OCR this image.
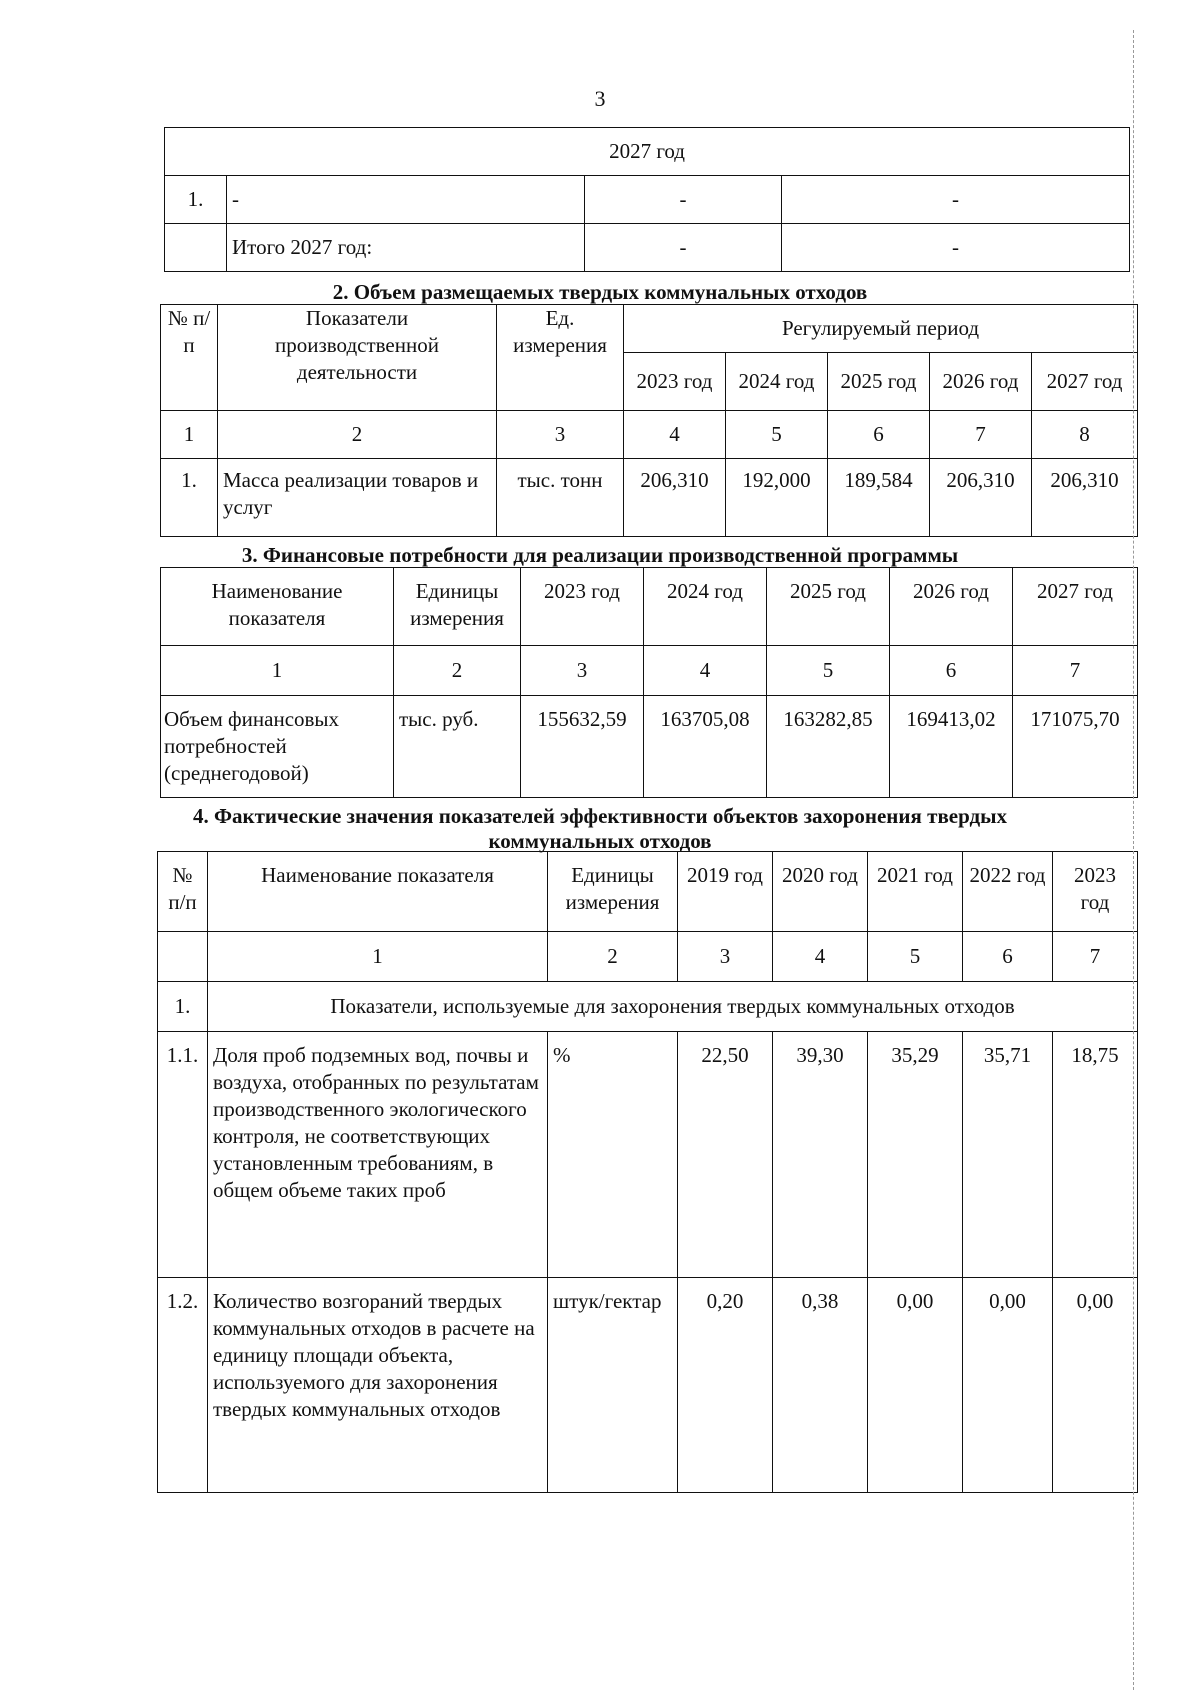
3
2027 год			
1.	-	-	-
	Итого 2027 год:	-	-
2. Объем размещаемых твердых коммунальных отходов
№ п/п	Показатели производственной деятельности	Ед. измерения	Регулируемый период				
			2023 год	2024 год	2025 год	2026 год	2027 год
1	2	3	4	5	6	7	8
1.	Масса реализации товаров и услуг	тыс. тонн	206,310	192,000	189,584	206,310	206,310
3. Финансовые потребности для реализации производственной программы
Наименование показателя	Единицы измерения	2023 год	2024 год	2025 год	2026 год	2027 год
1	2	3	4	5	6	7
Объем финансовых потребностей (среднегодовой)	тыс. руб.	155632,59	163705,08	163282,85	169413,02	171075,70
4. Фактические значения показателей эффективности объектов захоронения твердых
коммунальных отходов
№ п/п	Наименование показателя	Единицы измерения	2019 год	2020 год	2021 год	2022 год	2023 год
	1	2	3	4	5	6	7
1.	Показатели, используемые для захоронения твердых коммунальных отходов						
1.1.	Доля проб подземных вод, почвы и воздуха, отобранных по результатам производственного экологического контроля, не соответствующих установленным требованиям, в общем объеме таких проб	%	22,50	39,30	35,29	35,71	18,75
1.2.	Количество возгораний твердых коммунальных отходов в расчете на единицу площади объекта, используемого для захоронения твердых коммунальных отходов	штук/гектар	0,20	0,38	0,00	0,00	0,00
